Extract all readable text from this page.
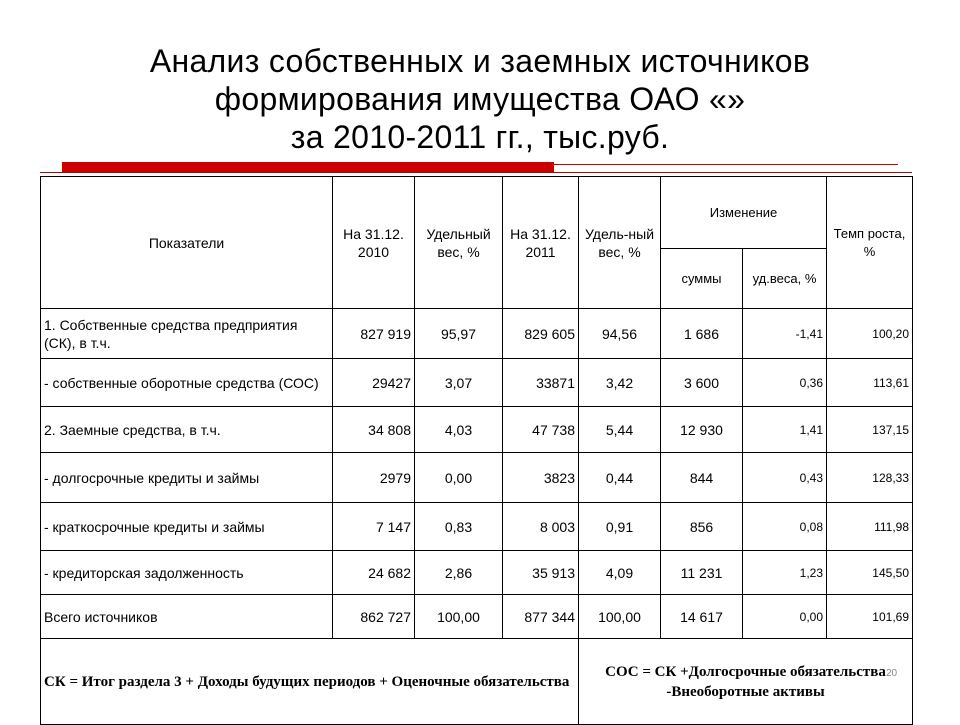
Анализ собственных и заемных источников
формирования имущества ОАО «»
за 2010-2011 гг., тыс.руб.
Показатели	На 31.12. 2010	Удельный вес, %	На 31.12. 2011	Удель-ный вес, %	Изменение		Темп роста, %
					суммы	уд.веса, %	
1. Собственные средства предприятия (СК), в т.ч.	827 919	95,97	829 605	94,56	1 686	-1,41	100,20
- собственные оборотные средства (СОС)	29427	3,07	33871	3,42	3 600	0,36	113,61
2. Заемные средства, в т.ч.	34 808	4,03	47 738	5,44	12 930	1,41	137,15
- долгосрочные кредиты и займы	2979	0,00	3823	0,44	844	0,43	128,33
- краткосрочные кредиты и займы	7 147	0,83	8 003	0,91	856	0,08	111,98
- кредиторская задолженность	24 682	2,86	35 913	4,09	11 231	1,23	145,50
Всего источников	862 727	100,00	877 344	100,00	14 617	0,00	101,69
СК = Итог раздела 3 + Доходы будущих периодов + Оценочные обязательства				СОС = СК +Долгосрочные обязательства -Внеоборотные активы			
20
